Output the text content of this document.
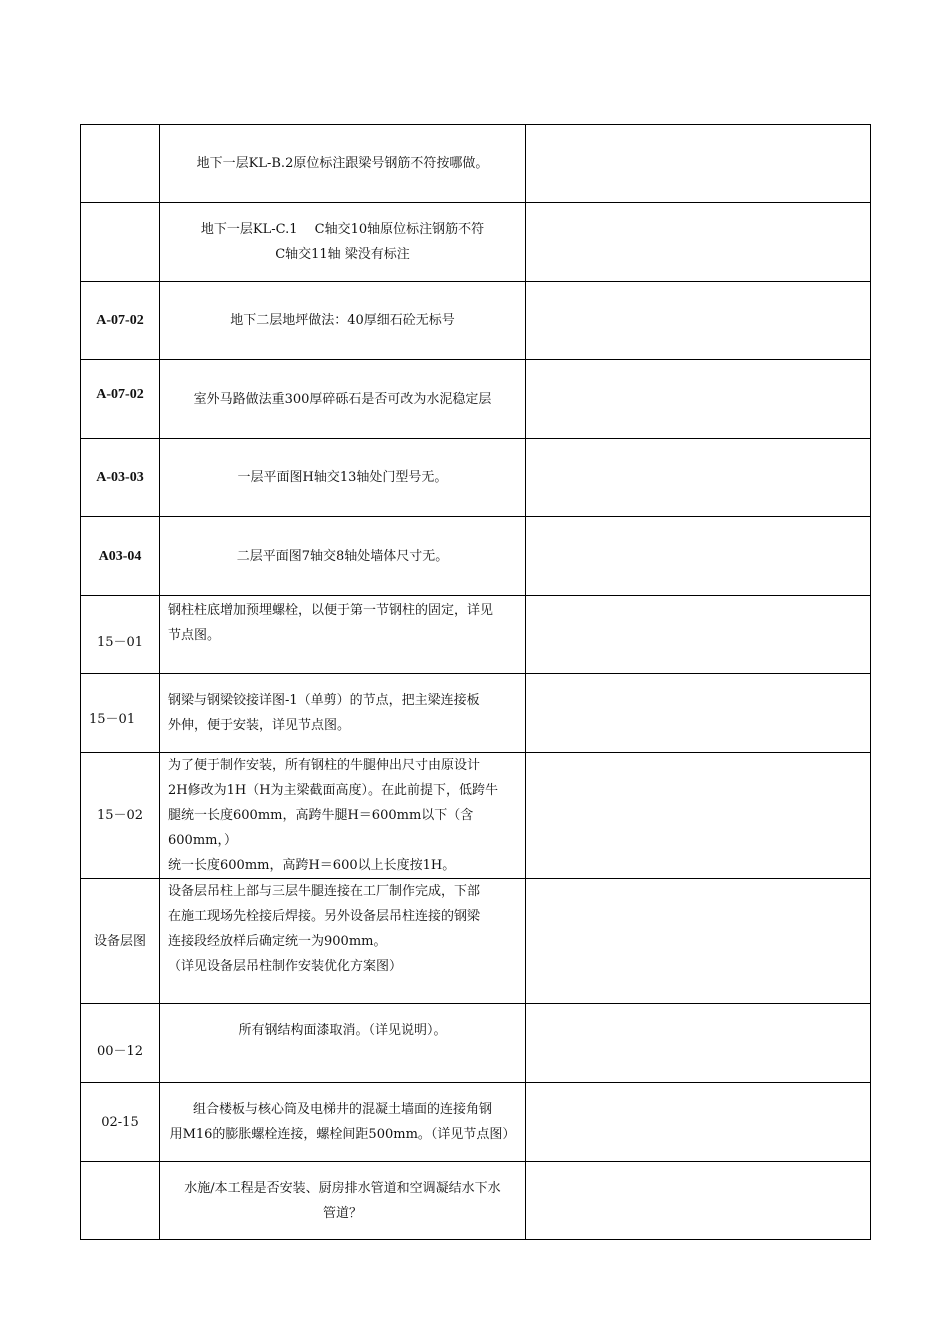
	地下一层KL-B.2原位标注跟梁号钢筋不符按哪做。	

	地下一层KL-C.1　 C轴交10轴原位标注钢筋不符
C轴交11轴 梁没有标注	

A-07-02	地下二层地坪做法：40厚细石砼无标号	

A-07-02	室外马路做法重300厚碎砾石是否可改为水泥稳定层	

A-03-03	一层平面图H轴交13轴处门型号无。	

A03-04	二层平面图7轴交8轴处墙体尺寸无。	

15－01	钢柱柱底增加预埋螺栓，以便于第一节钢柱的固定，详见
节点图。	

15－01	钢梁与钢梁铰接详图-1（单剪）的节点，把主梁连接板
外伸，便于安装，详见节点图。	

15－02	为了便于制作安装，所有钢柱的牛腿伸出尺寸由原设计
2H修改为1H（H为主梁截面高度）。在此前提下，低跨牛
腿统一长度600mm，高跨牛腿H＝600mm以下（含600mm，）
统一长度600mm，高跨H＝600以上长度按1H。	

设备层图	设备层吊柱上部与三层牛腿连接在工厂制作完成，下部
在施工现场先栓接后焊接。另外设备层吊柱连接的钢梁
连接段经放样后确定统一为900mm。
（详见设备层吊柱制作安装优化方案图）	

00－12	所有钢结构面漆取消。（详见说明）。	

02-15	组合楼板与核心筒及电梯井的混凝土墙面的连接角钢
用M16的膨胀螺栓连接，螺栓间距500mm。（详见节点图）	

	水施/本工程是否安装、厨房排水管道和空调凝结水下水
管道？	
